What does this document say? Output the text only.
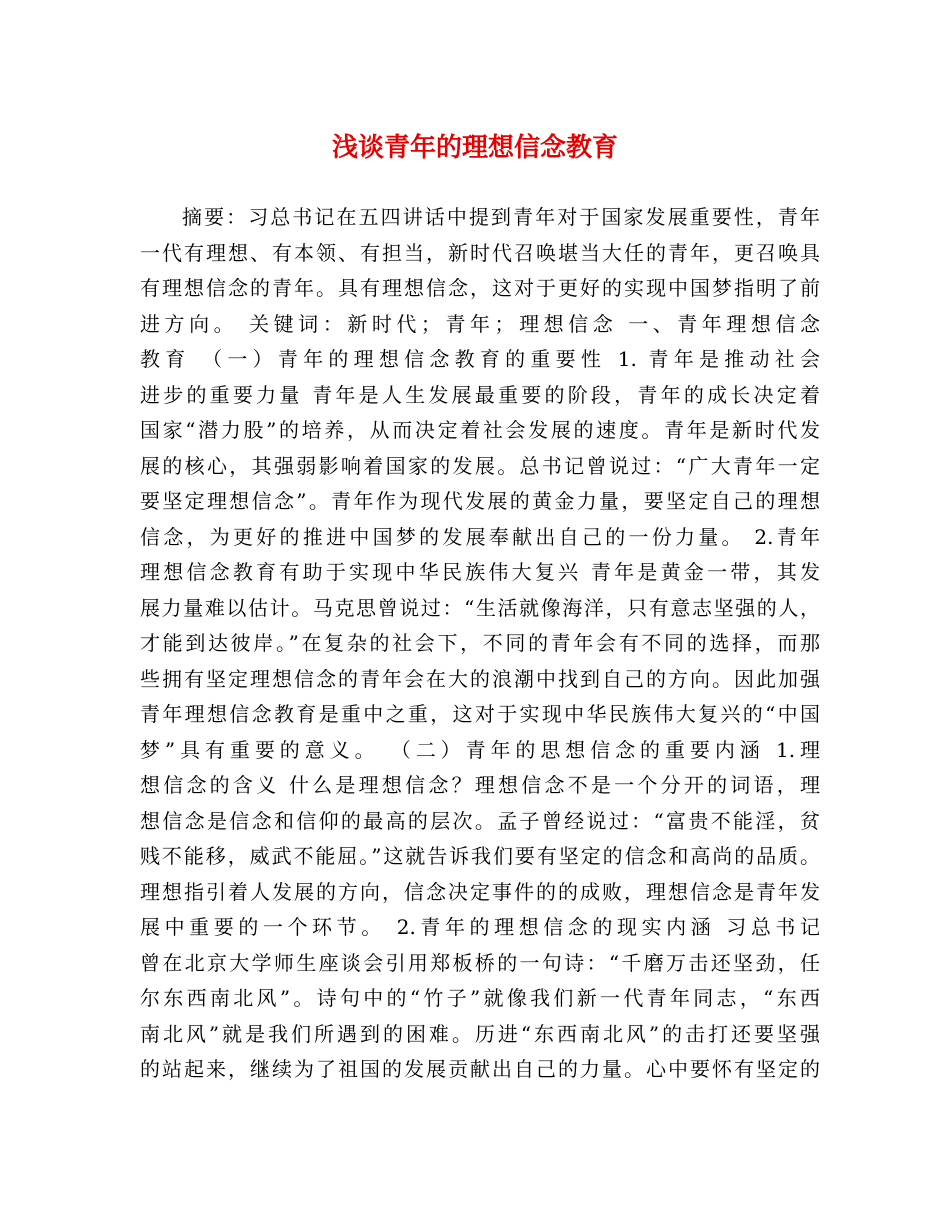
浅谈青年的理想信念教育
摘要：习总书记在五四讲话中提到青年对于国家发展重要性，青年
一代有理想、有本领、有担当，新时代召唤堪当大任的青年，更召唤具
有理想信念的青年。具有理想信念，这对于更好的实现中国梦指明了前
进方向。 关键词：新时代；青年；理想信念 一、青年理想信念
教育 （一）青年的理想信念教育的重要性 1. 青年是推动社会
进步的重要力量 青年是人生发展最重要的阶段，青年的成长决定着
国家“潜力股”的培养，从而决定着社会发展的速度。青年是新时代发
展的核心，其强弱影响着国家的发展。总书记曾说过：“广大青年一定
要坚定理想信念”。青年作为现代发展的黄金力量，要坚定自己的理想
信念，为更好的推进中国梦的发展奉献出自己的一份力量。 2.青年
理想信念教育有助于实现中华民族伟大复兴 青年是黄金一带，其发
展力量难以估计。马克思曾说过：“生活就像海洋，只有意志坚强的人，
才能到达彼岸。”在复杂的社会下，不同的青年会有不同的选择，而那
些拥有坚定理想信念的青年会在大的浪潮中找到自己的方向。因此加强
青年理想信念教育是重中之重，这对于实现中华民族伟大复兴的“中国
梦”具有重要的意义。 （二）青年的思想信念的重要内涵 1.理
想信念的含义 什么是理想信念？理想信念不是一个分开的词语，理
想信念是信念和信仰的最高的层次。孟子曾经说过：“富贵不能淫，贫
贱不能移，威武不能屈。”这就告诉我们要有坚定的信念和高尚的品质。
理想指引着人发展的方向，信念决定事件的的成败，理想信念是青年发
展中重要的一个环节。 2.青年的理想信念的现实内涵 习总书记
曾在北京大学师生座谈会引用郑板桥的一句诗：“千磨万击还坚劲，任
尔东西南北风”。诗句中的“竹子”就像我们新一代青年同志，“东西
南北风”就是我们所遇到的困难。历进“东西南北风”的击打还要坚强
的站起来，继续为了祖国的发展贡献出自己的力量。心中要怀有坚定的
